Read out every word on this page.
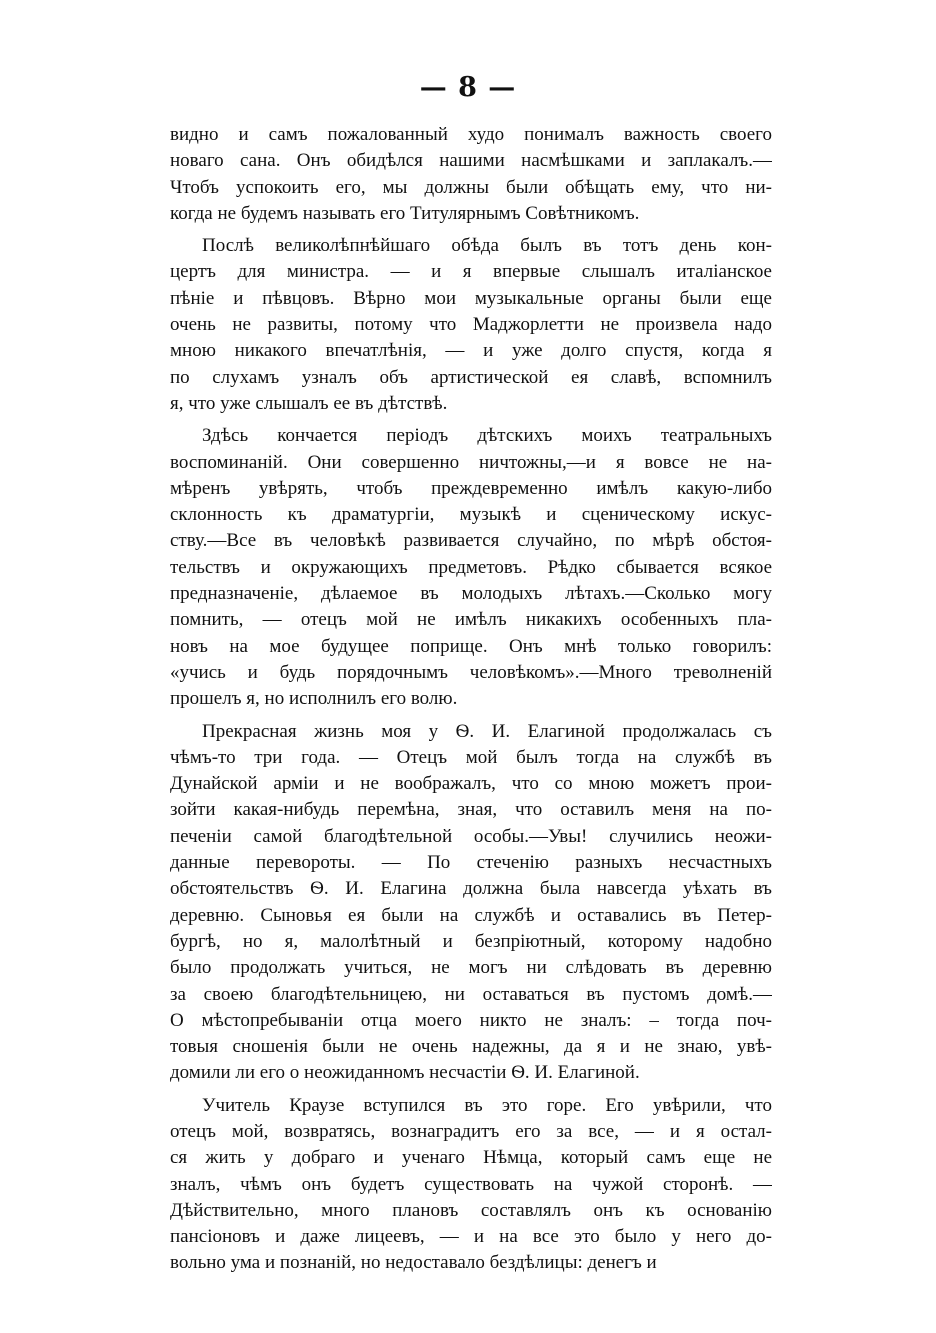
— 8 —
видно и самъ пожалованный худо понималъ важность своего
новаго сана. Онъ обидѣлся нашими насмѣшками и заплакалъ.—
Чтобъ успокоить его, мы должны были обѣщать ему, что ни-
когда не будемъ называть его Титулярнымъ Совѣтникомъ.
Послѣ великолѣпнѣйшаго обѣда былъ въ тотъ день кон-
цертъ для министра. — и я впервые слышалъ италіанское
пѣніе и пѣвцовъ. Вѣрно мои музыкальные органы были еще
очень не развиты, потому что Маджорлетти не произвела надо
мною никакого впечатлѣнія, — и уже долго спустя, когда я
по слухамъ узналъ объ артистической ея славѣ, вспомнилъ
я, что уже слышалъ ее въ дѣтствѣ.
Здѣсь кончается періодъ дѣтскихъ моихъ театральныхъ
воспоминаній. Они совершенно ничтожны,—и я вовсе не на-
мѣренъ увѣрять, чтобъ преждевременно имѣлъ какую-либо
склонность къ драматургіи, музыкѣ и сценическому искус-
ству.—Все въ человѣкѣ развивается случайно, по мѣрѣ обстоя-
тельствъ и окружающихъ предметовъ. Рѣдко сбывается всякое
предназначеніе, дѣлаемое въ молодыхъ лѣтахъ.—Сколько могу
помнить, — отецъ мой не имѣлъ никакихъ особенныхъ пла-
новъ на мое будущее поприще. Онъ мнѣ только говорилъ:
«учись и будь порядочнымъ человѣкомъ».—Много треволненій
прошелъ я, но исполнилъ его волю.
Прекрасная жизнь моя у Ѳ. И. Елагиной продолжалась съ
чѣмъ-то три года. — Отецъ мой былъ тогда на службѣ въ
Дунайской арміи и не воображалъ, что со мною можетъ прои-
зойти какая-нибудь перемѣна, зная, что оставилъ меня на по-
печеніи самой благодѣтельной особы.—Увы! случились неожи-
данные перевороты. — По стеченію разныхъ несчастныхъ
обстоятельствъ Ѳ. И. Елагина должна была навсегда уѣхать въ
деревню. Сыновья ея были на службѣ и оставались въ Петер-
бургѣ, но я, малолѣтный и безпріютный, которому надобно
было продолжать учиться, не могъ ни слѣдовать въ деревню
за своею благодѣтельницею, ни оставаться въ пустомъ домѣ.—
О мѣстопребываніи отца моего никто не зналъ: – тогда поч-
товыя сношенія были не очень надежны, да я и не знаю, увѣ-
домили ли его о неожиданномъ несчастіи Ѳ. И. Елагиной.
Учитель Краузе вступился въ это горе. Его увѣрили, что
отецъ мой, возвратясь, вознаградитъ его за все, — и я остал-
ся жить у добраго и ученаго Нѣмца, который самъ еще не
зналъ, чѣмъ онъ будетъ существовать на чужой сторонѣ. —
Дѣйствительно, много плановъ составлялъ онъ къ основанію
пансіоновъ и даже лицеевъ, — и на все это было у него до-
вольно ума и познаній, но недоставало бездѣлицы: денегъ и
